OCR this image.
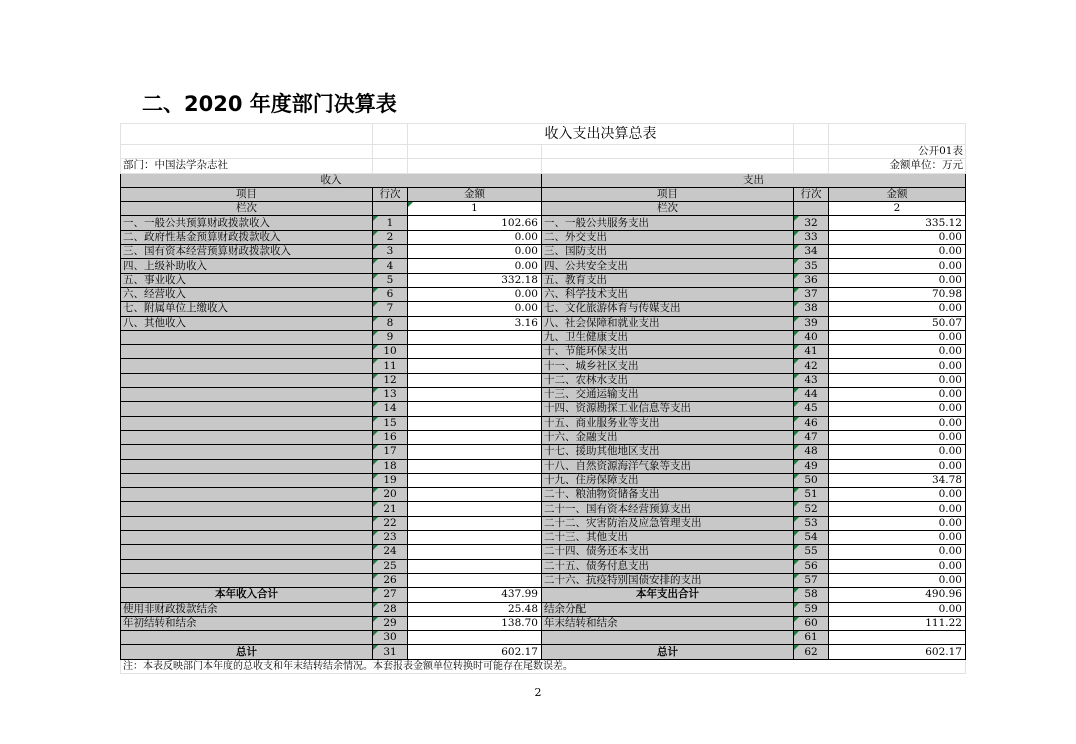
二、2020 年度部门决算表
		收入支出决算总表			
					公开01表
部门：中国法学杂志社					金额单位：万元
收入			支出		
项目	行次	金额	项目	行次	金额
栏次		1	栏次		2
一、一般公共预算财政拨款收入	1	102.66	一、一般公共服务支出	32	335.12
二、政府性基金预算财政拨款收入	2	0.00	二、外交支出	33	0.00
三、国有资本经营预算财政拨款收入	3	0.00	三、国防支出	34	0.00
四、上级补助收入	4	0.00	四、公共安全支出	35	0.00
五、事业收入	5	332.18	五、教育支出	36	0.00
六、经营收入	6	0.00	六、科学技术支出	37	70.98
七、附属单位上缴收入	7	0.00	七、文化旅游体育与传媒支出	38	0.00
八、其他收入	8	3.16	八、社会保障和就业支出	39	50.07
	9		九、卫生健康支出	40	0.00
	10		十、节能环保支出	41	0.00
	11		十一、城乡社区支出	42	0.00
	12		十二、农林水支出	43	0.00
	13		十三、交通运输支出	44	0.00
	14		十四、资源勘探工业信息等支出	45	0.00
	15		十五、商业服务业等支出	46	0.00
	16		十六、金融支出	47	0.00
	17		十七、援助其他地区支出	48	0.00
	18		十八、自然资源海洋气象等支出	49	0.00
	19		十九、住房保障支出	50	34.78
	20		二十、粮油物资储备支出	51	0.00
	21		二十一、国有资本经营预算支出	52	0.00
	22		二十二、灾害防治及应急管理支出	53	0.00
	23		二十三、其他支出	54	0.00
	24		二十四、债务还本支出	55	0.00
	25		二十五、债务付息支出	56	0.00
	26		二十六、抗疫特别国债安排的支出	57	0.00
本年收入合计	27	437.99	本年支出合计	58	490.96
使用非财政拨款结余	28	25.48	结余分配	59	0.00
年初结转和结余	29	138.70	年末结转和结余	60	111.22
	30			61	
总计	31	602.17	总计	62	602.17
注：本表反映部门本年度的总收支和年末结转结余情况。本套报表金额单位转换时可能存在尾数误差。					
2
